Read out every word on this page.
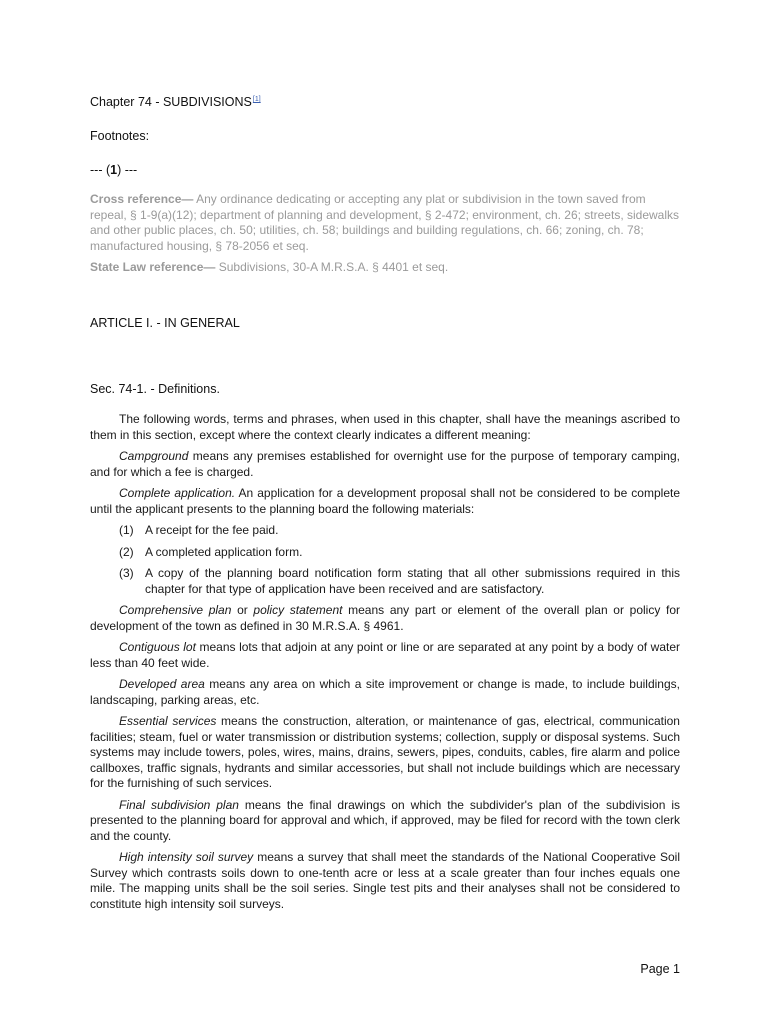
Chapter 74 - SUBDIVISIONS[1]
Footnotes:
--- (1) ---
Cross reference— Any ordinance dedicating or accepting any plat or subdivision in the town saved from repeal, § 1-9(a)(12); department of planning and development, § 2-472; environment, ch. 26; streets, sidewalks and other public places, ch. 50; utilities, ch. 58; buildings and building regulations, ch. 66; zoning, ch. 78; manufactured housing, § 78-2056 et seq.
State Law reference— Subdivisions, 30-A M.R.S.A. § 4401 et seq.
ARTICLE I. - IN GENERAL
Sec. 74-1. - Definitions.

The following words, terms and phrases, when used in this chapter, shall have the meanings ascribed to them in this section, except where the context clearly indicates a different meaning:

Campground means any premises established for overnight use for the purpose of temporary camping, and for which a fee is charged.

Complete application. An application for a development proposal shall not be considered to be complete until the applicant presents to the planning board the following materials:

(1) A receipt for the fee paid.

(2) A completed application form.

(3) A copy of the planning board notification form stating that all other submissions required in this chapter for that type of application have been received and are satisfactory.

Comprehensive plan or policy statement means any part or element of the overall plan or policy for development of the town as defined in 30 M.R.S.A. § 4961.

Contiguous lot means lots that adjoin at any point or line or are separated at any point by a body of water less than 40 feet wide.

Developed area means any area on which a site improvement or change is made, to include buildings, landscaping, parking areas, etc.

Essential services means the construction, alteration, or maintenance of gas, electrical, communication facilities; steam, fuel or water transmission or distribution systems; collection, supply or disposal systems. Such systems may include towers, poles, wires, mains, drains, sewers, pipes, conduits, cables, fire alarm and police callboxes, traffic signals, hydrants and similar accessories, but shall not include buildings which are necessary for the furnishing of such services.

Final subdivision plan means the final drawings on which the subdivider's plan of the subdivision is presented to the planning board for approval and which, if approved, may be filed for record with the town clerk and the county.

High intensity soil survey means a survey that shall meet the standards of the National Cooperative Soil Survey which contrasts soils down to one-tenth acre or less at a scale greater than four inches equals one mile. The mapping units shall be the soil series. Single test pits and their analyses shall not be considered to constitute high intensity soil surveys.

Page 1
